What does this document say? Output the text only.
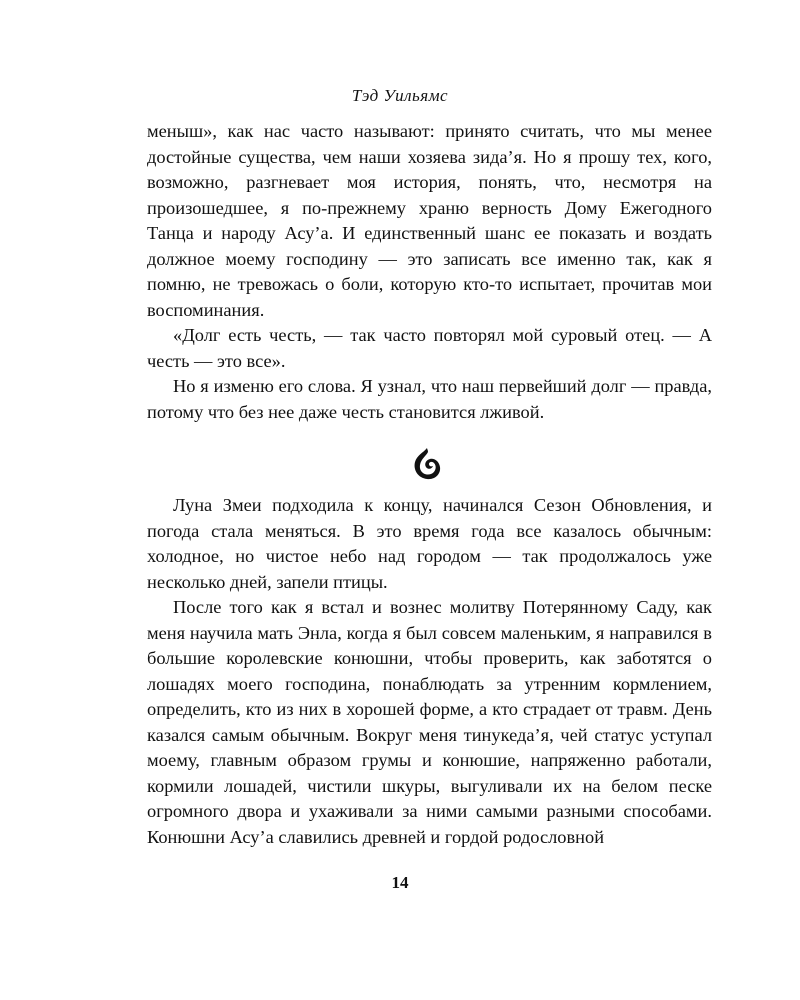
Тэд Уильямс

меныш», как нас часто называют: принято считать, что мы менее достойные существа, чем наши хозяева зида’я. Но я прошу тех, кого, возможно, разгневает моя история, понять, что, несмотря на произошедшее, я по-прежнему храню верность Дому Ежегодного Танца и народу Асу’а. И единственный шанс ее показать и воздать должное моему господину — это записать все именно так, как я помню, не тревожась о боли, которую кто-то испытает, прочитав мои воспоминания.

«Долг есть честь, — так часто повторял мой суровый отец. — А честь — это все».

Но я изменю его слова. Я узнал, что наш первейший долг — правда, потому что без нее даже честь становится лживой.

Луна Змеи подходила к концу, начинался Сезон Обновления, и погода стала меняться. В это время года все казалось обычным: холодное, но чистое небо над городом — так продолжалось уже несколько дней, запели птицы.

После того как я встал и вознес молитву Потерянному Саду, как меня научила мать Энла, когда я был совсем маленьким, я направился в большие королевские конюшни, чтобы проверить, как заботятся о лошадях моего господина, понаблюдать за утренним кормлением, определить, кто из них в хорошей форме, а кто страдает от травм. День казался самым обычным. Вокруг меня тинукеда’я, чей статус уступал моему, главным образом грумы и конюшие, напряженно работали, кормили лошадей, чистили шкуры, выгуливали их на белом песке огромного двора и ухаживали за ними самыми разными способами. Конюшни Асу’а славились древней и гордой родословной

14
